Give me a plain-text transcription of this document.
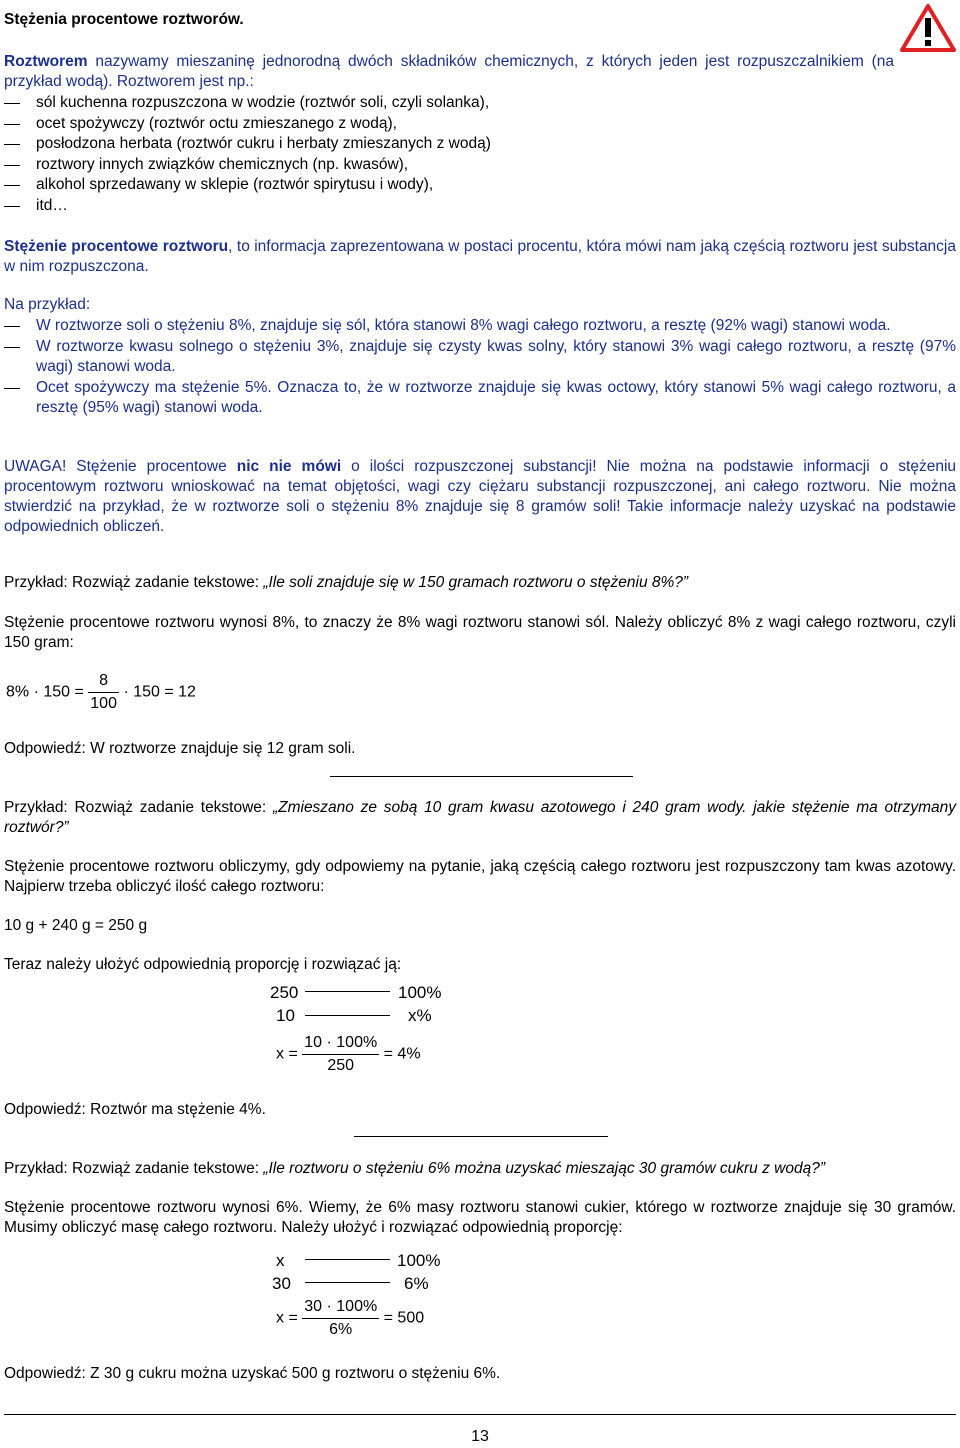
Stężenia procentowe roztworów.
Roztworem nazywamy mieszaninę jednorodną dwóch składników chemicznych, z których jeden jest rozpuszczalnikiem (na przykład wodą). Roztworem jest np.:
sól kuchenna rozpuszczona w wodzie (roztwór soli, czyli solanka),
ocet spożywczy (roztwór octu zmieszanego z wodą),
posłodzona herbata (roztwór cukru i herbaty zmieszanych z wodą)
roztwory innych związków chemicznych (np. kwasów),
alkohol sprzedawany w sklepie (roztwór spirytusu i wody),
itd…
Stężenie procentowe roztworu, to informacja zaprezentowana w postaci procentu, która mówi nam jaką częścią roztworu jest substancja w nim rozpuszczona.
Na przykład:
W roztworze soli o stężeniu 8%, znajduje się sól, która stanowi 8% wagi całego roztworu, a resztę (92% wagi) stanowi woda.
W roztworze kwasu solnego o stężeniu 3%, znajduje się czysty kwas solny, który stanowi 3% wagi całego roztworu, a resztę (97% wagi) stanowi woda.
Ocet spożywczy ma stężenie 5%. Oznacza to, że w roztworze znajduje się kwas octowy, który stanowi 5% wagi całego roztworu, a resztę (95% wagi) stanowi woda.
UWAGA! Stężenie procentowe nic nie mówi o ilości rozpuszczonej substancji! Nie można na podstawie informacji o stężeniu procentowym roztworu wnioskować na temat objętości, wagi czy ciężaru substancji rozpuszczonej, ani całego roztworu. Nie można stwierdzić na przykład, że w roztworze soli o stężeniu 8% znajduje się 8 gramów soli! Takie informacje należy uzyskać na podstawie odpowiednich obliczeń.
Przykład: Rozwiąż zadanie tekstowe: „Ile soli znajduje się w 150 gramach roztworu o stężeniu 8%?”
Stężenie procentowe roztworu wynosi 8%, to znaczy że 8% wagi roztworu stanowi sól. Należy obliczyć 8% z wagi całego roztworu, czyli 150 gram:
$8\% \cdot 150 = \frac{8}{100} \cdot 150 = 12$
Odpowiedź: W roztworze znajduje się 12 gram soli.
Przykład: Rozwiąż zadanie tekstowe: „Zmieszano ze sobą 10 gram kwasu azotowego i 240 gram wody. jakie stężenie ma otrzymany roztwór?”
Stężenie procentowe roztworu obliczymy, gdy odpowiemy na pytanie, jaką częścią całego roztworu jest rozpuszczony tam kwas azotowy. Najpierw trzeba obliczyć ilość całego roztworu:
10 g + 240 g = 250 g
Teraz należy ułożyć odpowiednią proporcję i rozwiązać ją:
250	100%
10	x%
$x = \frac{10 \cdot 100\%}{250} = 4\%$
Odpowiedź: Roztwór ma stężenie 4%.
Przykład: Rozwiąż zadanie tekstowe: „Ile roztworu o stężeniu 6% można uzyskać mieszając 30 gramów cukru z wodą?”
Stężenie procentowe roztworu wynosi 6%. Wiemy, że 6% masy roztworu stanowi cukier, którego w roztworze znajduje się 30 gramów. Musimy obliczyć masę całego roztworu. Należy ułożyć i rozwiązać odpowiednią proporcję:
x	100%
30	6%
$x = \frac{30 \cdot 100\%}{6\%} = 500$
Odpowiedź: Z 30 g cukru można uzyskać 500 g roztworu o stężeniu 6%.
13
